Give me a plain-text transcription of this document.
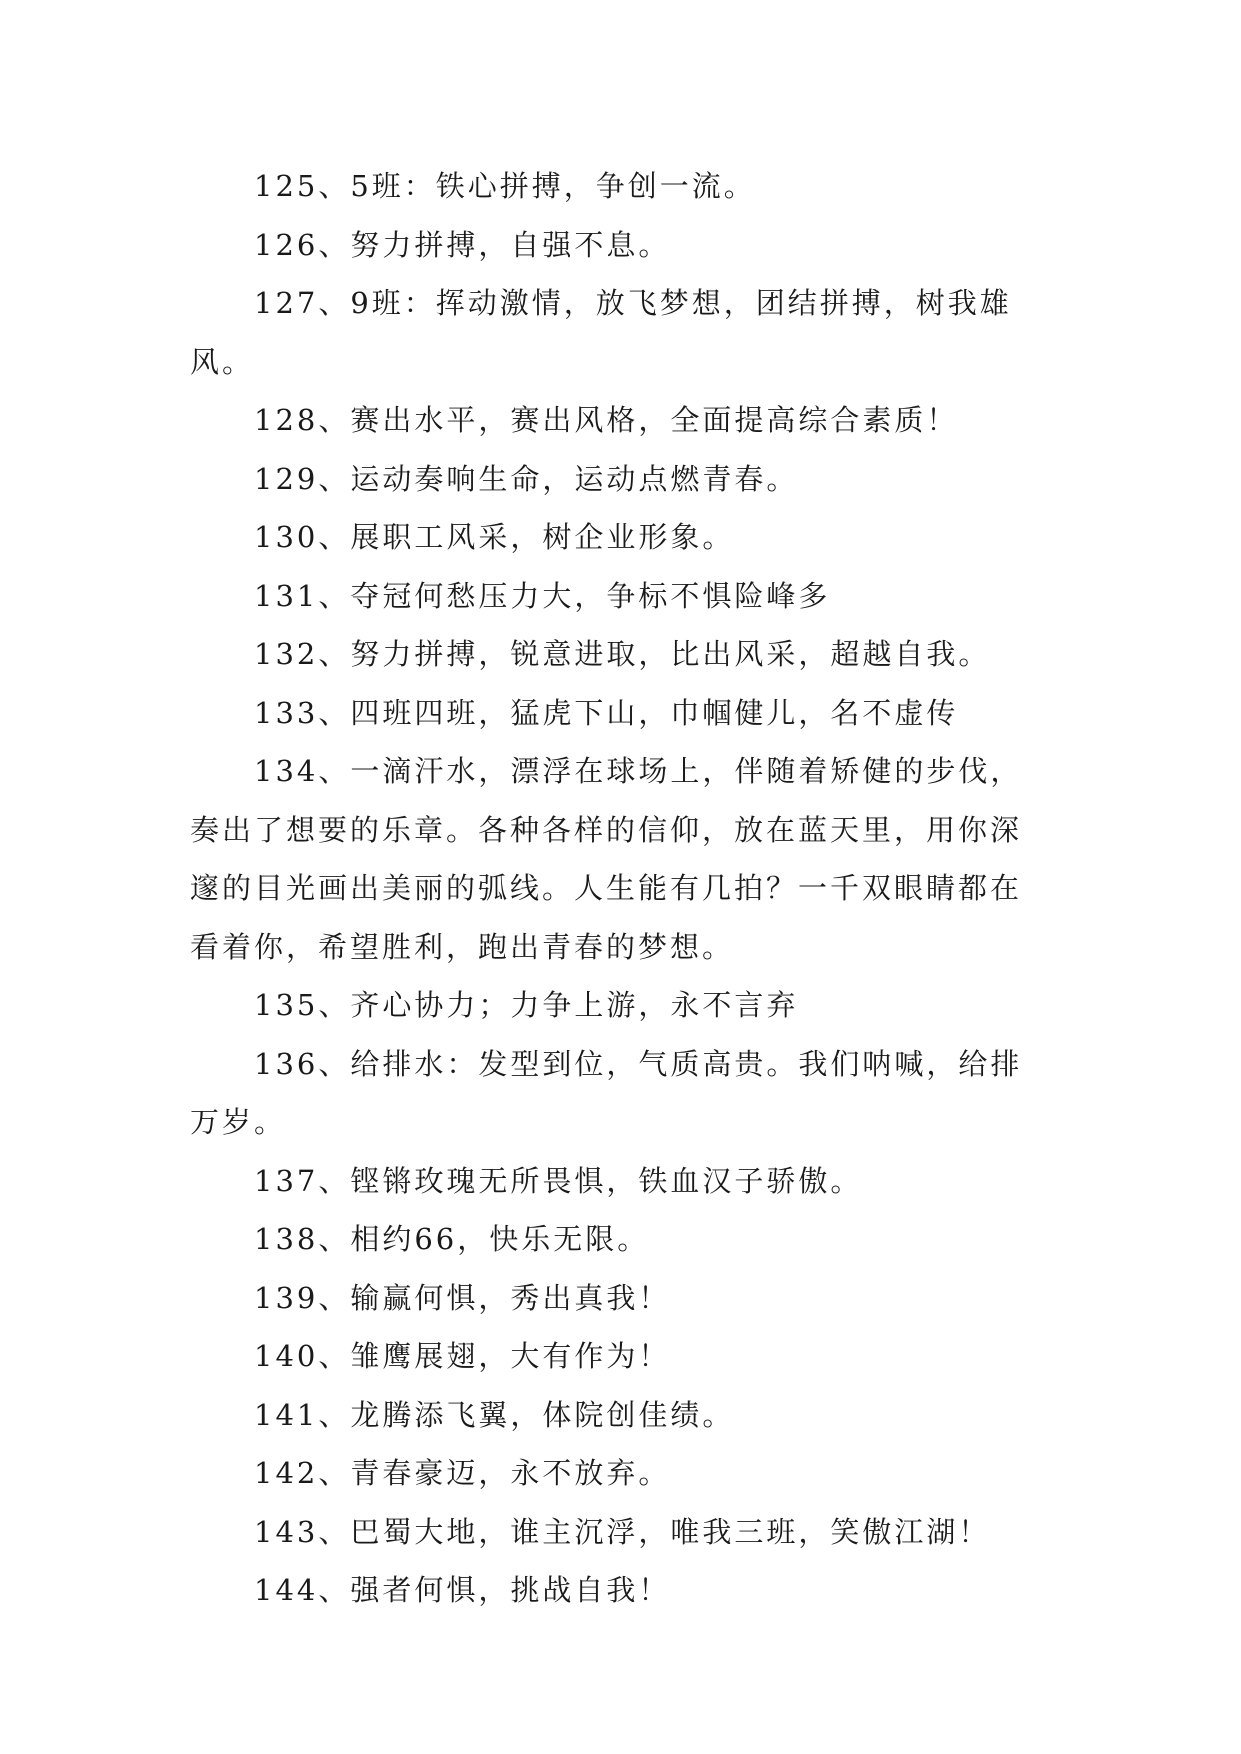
125、5班：铁心拼搏，争创一流。

126、努力拼搏，自强不息。

127、9班：挥动激情，放飞梦想，团结拼搏，树我雄风。

128、赛出水平，赛出风格，全面提高综合素质！

129、运动奏响生命，运动点燃青春。

130、展职工风采，树企业形象。

131、夺冠何愁压力大，争标不惧险峰多

132、努力拼搏，锐意进取，比出风采，超越自我。

133、四班四班，猛虎下山，巾帼健儿，名不虚传

134、一滴汗水，漂浮在球场上，伴随着矫健的步伐，奏出了想要的乐章。各种各样的信仰，放在蓝天里，用你深邃的目光画出美丽的弧线。人生能有几拍？一千双眼睛都在看着你，希望胜利，跑出青春的梦想。

135、齐心协力；力争上游，永不言弃

136、给排水：发型到位，气质高贵。我们呐喊，给排万岁。

137、铿锵玫瑰无所畏惧，铁血汉子骄傲。

138、相约66，快乐无限。

139、输赢何惧，秀出真我！

140、雏鹰展翅，大有作为！

141、龙腾添飞翼，体院创佳绩。

142、青春豪迈，永不放弃。

143、巴蜀大地，谁主沉浮，唯我三班，笑傲江湖！

144、强者何惧，挑战自我！
